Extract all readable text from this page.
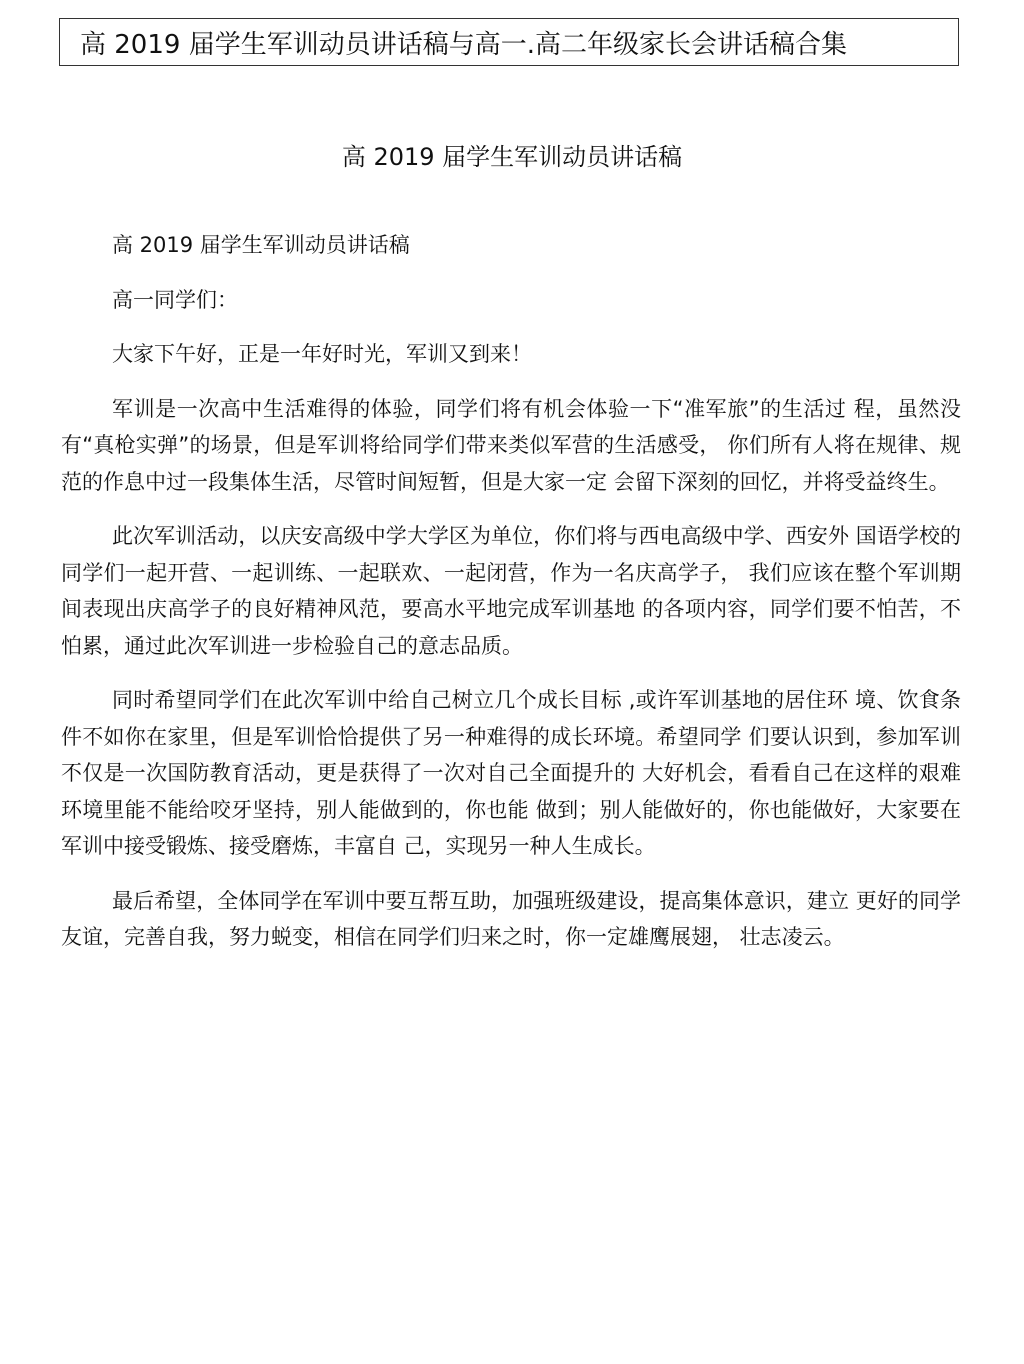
高 2019 届学生军训动员讲话稿与高一.高二年级家长会讲话稿合集
高 2019 届学生军训动员讲话稿

高 2019 届学生军训动员讲话稿

高一同学们：

大家下午好，正是一年好时光，军训又到来！

军训是一次高中生活难得的体验，同学们将有机会体验一下“准军旅”的生活过 程，虽然没有“真枪实弹”的场景，但是军训将给同学们带来类似军营的生活感受， 你们所有人将在规律、规范的作息中过一段集体生活，尽管时间短暂，但是大家一定 会留下深刻的回忆，并将受益终生。

此次军训活动，以庆安高级中学大学区为单位，你们将与西电高级中学、西安外 国语学校的同学们一起开营、一起训练、一起联欢、一起闭营，作为一名庆高学子， 我们应该在整个军训期间表现出庆高学子的良好精神风范，要高水平地完成军训基地 的各项内容，同学们要不怕苦，不怕累，通过此次军训进一步检验自己的意志品质。

同时希望同学们在此次军训中给自己树立几个成长目标 ,或许军训基地的居住环 境、饮食条件不如你在家里，但是军训恰恰提供了另一种难得的成长环境。希望同学 们要认识到，参加军训不仅是一次国防教育活动，更是获得了一次对自己全面提升的 大好机会，看看自己在这样的艰难环境里能不能给咬牙坚持，别人能做到的，你也能 做到；别人能做好的，你也能做好，大家要在军训中接受锻炼、接受磨炼，丰富自 己，实现另一种人生成长。

最后希望，全体同学在军训中要互帮互助，加强班级建设，提高集体意识，建立 更好的同学友谊，完善自我，努力蜕变，相信在同学们归来之时，你一定雄鹰展翅， 壮志凌云。
